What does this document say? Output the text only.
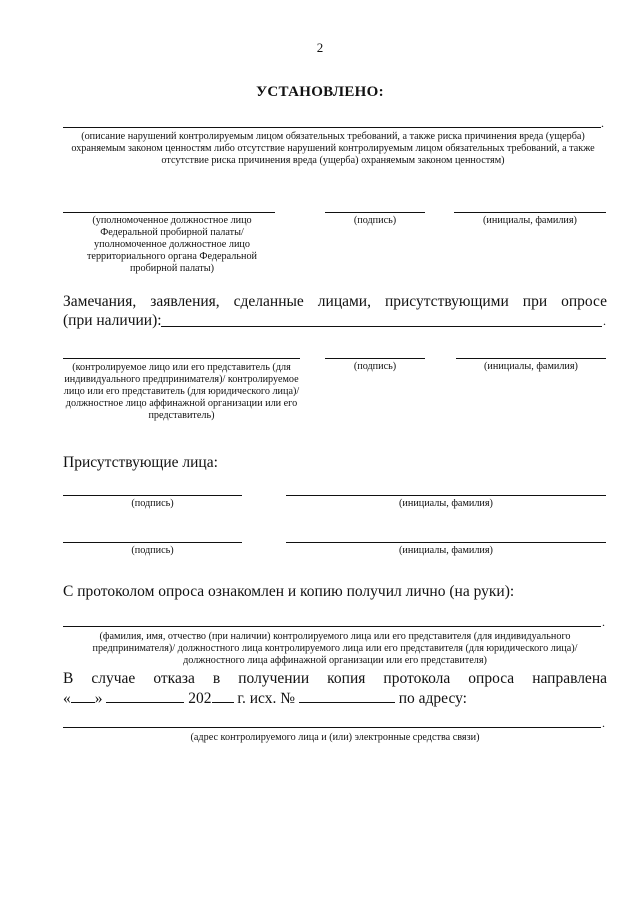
2
УСТАНОВЛЕНО:
.
(описание нарушений контролируемым лицом обязательных требований, а также риска причинения вреда (ущерба) охраняемым законом ценностям либо отсутствие нарушений контролируемым лицом обязательных требований, а также отсутствие риска причинения вреда (ущерба) охраняемым законом ценностям)
(уполномоченное должностное лицо Федеральной пробирной палаты/уполномоченное должностное лицо территориального органа Федеральной пробирной палаты)
(подпись)	(инициалы, фамилия)
Замечания, заявления, сделанные лицами, присутствующими при опросе
(при наличии):	.
(контролируемое лицо или его представитель (для индивидуального предпринимателя)/ контролируемое лицо или его представитель (для юридического лица)/должностное лицо аффинажной организации или его представитель)
(подпись)	(инициалы, фамилия)
Присутствующие лица:
(подпись)	(инициалы, фамилия)
(подпись)	(инициалы, фамилия)
С протоколом опроса ознакомлен и копию получил лично (на руки):
.
(фамилия, имя, отчество (при наличии) контролируемого лица или его представителя (для индивидуального предпринимателя)/ должностного лица контролируемого лица или его представителя (для юридического лица)/ должностного лица аффинажной организации или его представителя)
В случае отказа в получении копия протокола опроса направлена
« »	202 г. исх. №	по адресу:
.
(адрес контролируемого лица и (или) электронные средства связи)
